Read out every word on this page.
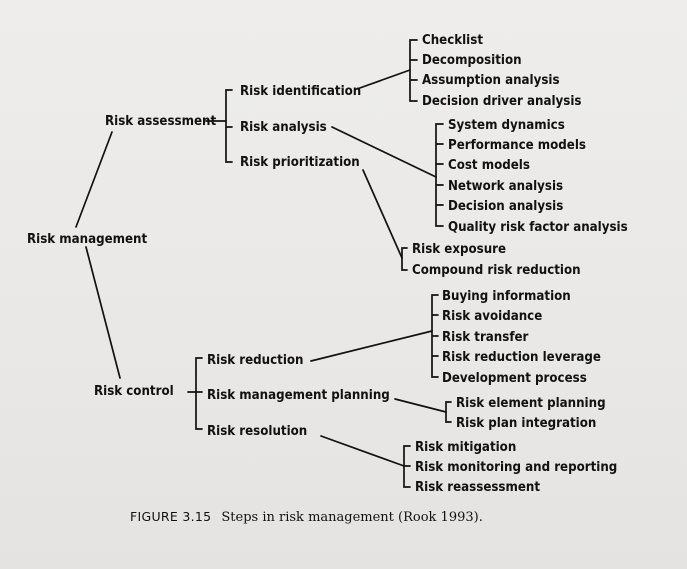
Risk management
Risk assessment
Risk identification
Risk analysis
Risk prioritization
Checklist
Decomposition
Assumption analysis
Decision driver analysis
System dynamics
Performance models
Cost models
Network analysis
Decision analysis
Quality risk factor analysis
Risk exposure
Compound risk reduction
Risk control
Risk reduction
Risk management planning
Risk resolution
Buying information
Risk avoidance
Risk transfer
Risk reduction leverage
Development process
Risk element planning
Risk plan integration
Risk mitigation
Risk monitoring and reporting
Risk reassessment
FIGURE 3.15 Steps in risk management (Rook 1993).
